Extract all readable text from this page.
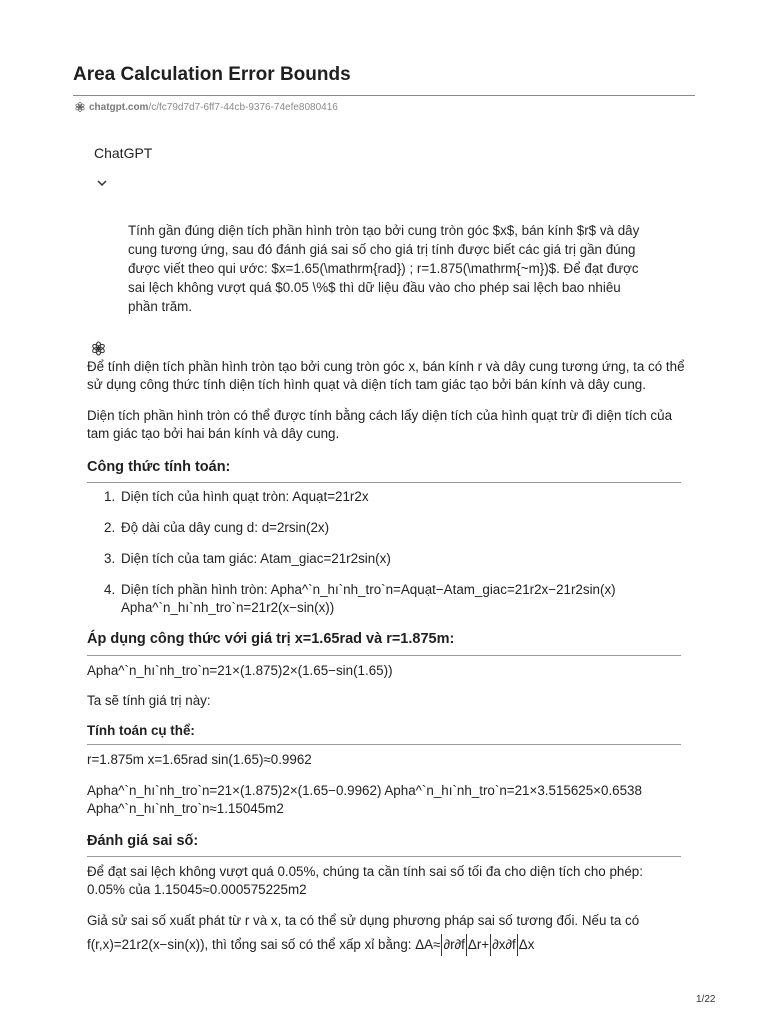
Area Calculation Error Bounds
chatgpt.com /c/fc79d7d7-6ff7-44cb-9376-74efe8080416
ChatGPT

Tính gần đúng diện tích phần hình tròn tạo bởi cung tròn góc $x$, bán kính $r$ và dây cung tương ứng, sau đó đánh giá sai số cho giá trị tính được biết các giá trị gần đúng được viết theo qui ước: $x=1.65(\mathrm{rad}) ; r=1.875(\mathrm{~m})$. Để đạt được sai lệch không vượt quá $0.05 \%$ thì dữ liệu đầu vào cho phép sai lệch bao nhiêu phần trăm.

Để tính diện tích phần hình tròn tạo bởi cung tròn góc x, bán kính r và dây cung tương ứng, ta có thể sử dụng công thức tính diện tích hình quạt và diện tích tam giác tạo bởi bán kính và dây cung.

Diện tích phần hình tròn có thể được tính bằng cách lấy diện tích của hình quạt trừ đi diện tích của tam giác tạo bởi hai bán kính và dây cung.

Công thức tính toán:
1. Diện tích của hình quạt tròn: Aquạt=21r2x
2. Độ dài của dây cung d: d=2rsin(2x)
3. Diện tích của tam giác: Atam_giac=21r2sin(x)
4. Diện tích phần hình tròn: Apha^`n_hı`nh_tro`n=Aquạt−Atam_giac=21r2x−21r2sin(x)
Apha^`n_hı`nh_tro`n=21r2(x−sin(x))
Áp dụng công thức với giá trị x=1.65rad và r=1.875m:

Apha^`n_hı`nh_tro`n=21×(1.875)2×(1.65−sin(1.65))

Ta sẽ tính giá trị này:

Tính toán cụ thể:

r=1.875m x=1.65rad sin(1.65)≈0.9962

Apha^`n_hı`nh_tro`n=21×(1.875)2×(1.65−0.9962) Apha^`n_hı`nh_tro`n=21×3.515625×0.6538

Apha^`n_hı`nh_tro`n≈1.15045m2

Đánh giá sai số:

Để đạt sai lệch không vượt quá 0.05%, chúng ta cần tính sai số tối đa cho diện tích cho phép:

0.05% của 1.15045≈0.000575225m2

Giả sử sai số xuất phát từ r và x, ta có thể sử dụng phương pháp sai số tương đối. Nếu ta có

f(r,x)=21r2(x−sin(x)), thì tổng sai số có thể xấp xỉ bằng: ΔA≈ ∂r∂f Δr+ ∂x∂f Δx

1/22
